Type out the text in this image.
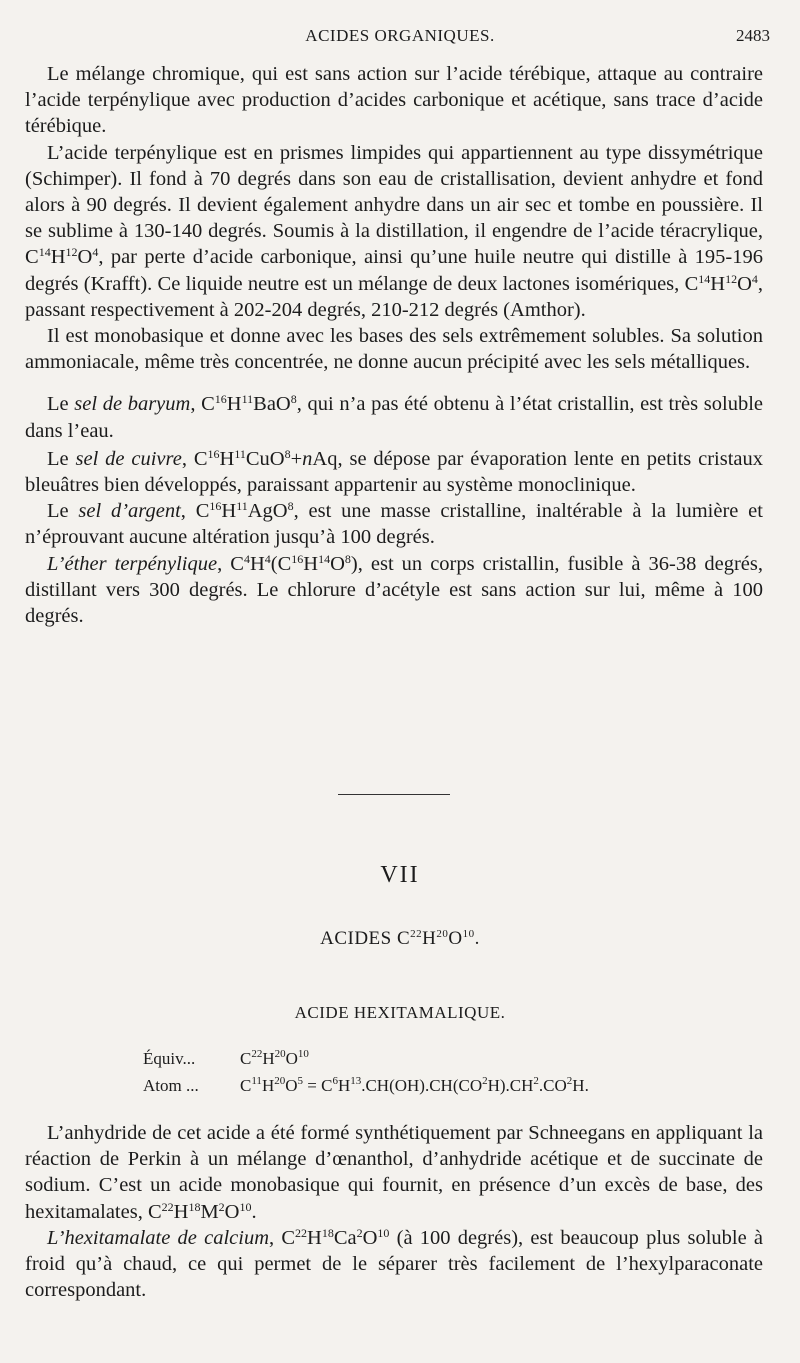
ACIDES ORGANIQUES.	2483

Le mélange chromique, qui est sans action sur l’acide térébique, attaque au contraire l’acide terpénylique avec production d’acides carbonique et acétique, sans trace d’acide térébique.

L’acide terpénylique est en prismes limpides qui appartiennent au type dissymétrique (Schimper). Il fond à 70 degrés dans son eau de cristallisation, devient anhydre et fond alors à 90 degrés. Il devient également anhydre dans un air sec et tombe en poussière. Il se sublime à 130-140 degrés. Soumis à la distillation, il engendre de l’acide téracrylique, $C^{14}H^{12}O^4$, par perte d’acide carbonique, ainsi qu’une huile neutre qui distille à 195-196 degrés (Krafft). Ce liquide neutre est un mélange de deux lactones isomériques, $C^{14}H^{12}O^4$, passant respectivement à 202-204 degrés, 210-212 degrés (Amthor).

Il est monobasique et donne avec les bases des sels extrêmement solubles. Sa solution ammoniacale, même très concentrée, ne donne aucun précipité avec les sels métalliques.

Le sel de baryum, $C^{16}H^{11}BaO^8$, qui n’a pas été obtenu à l’état cristallin, est très soluble dans l’eau.

Le sel de cuivre, $C^{16}H^{11}CuO^8+nAq$, se dépose par évaporation lente en petits cristaux bleuâtres bien développés, paraissant appartenir au système monoclinique.

Le sel d’argent, $C^{16}H^{11}AgO^8$, est une masse cristalline, inaltérable à la lumière et n’éprouvant aucune altération jusqu’à 100 degrés.

L’éther terpénylique, $C^4H^4(C^{16}H^{14}O^8)$, est un corps cristallin, fusible à 36-38 degrés, distillant vers 300 degrés. Le chlorure d’acétyle est sans action sur lui, même à 100 degrés.

VII
ACIDES $C^{22}H^{20}O^{10}$.
ACIDE HEXITAMALIQUE.
Équiv...	$C^{22}H^{20}O^{10}$
Atom ... $C^{11}H^{20}O^5 = C^6H^{13}.CH(OH).CH(CO^2H).CH^2.CO^2H$.

L’anhydride de cet acide a été formé synthétiquement par Schneegans en appliquant la réaction de Perkin à un mélange d’œnanthol, d’anhydride acétique et de succinate de sodium. C’est un acide monobasique qui fournit, en présence d’un excès de base, des hexitamalates, $C^{22}H^{18}M^2O^{10}$.

L’hexitamalate de calcium, $C^{22}H^{18}Ca^2O^{10}$ (à 100 degrés), est beaucoup plus soluble à froid qu’à chaud, ce qui permet de le séparer très facilement de l’hexylparaconate correspondant.
